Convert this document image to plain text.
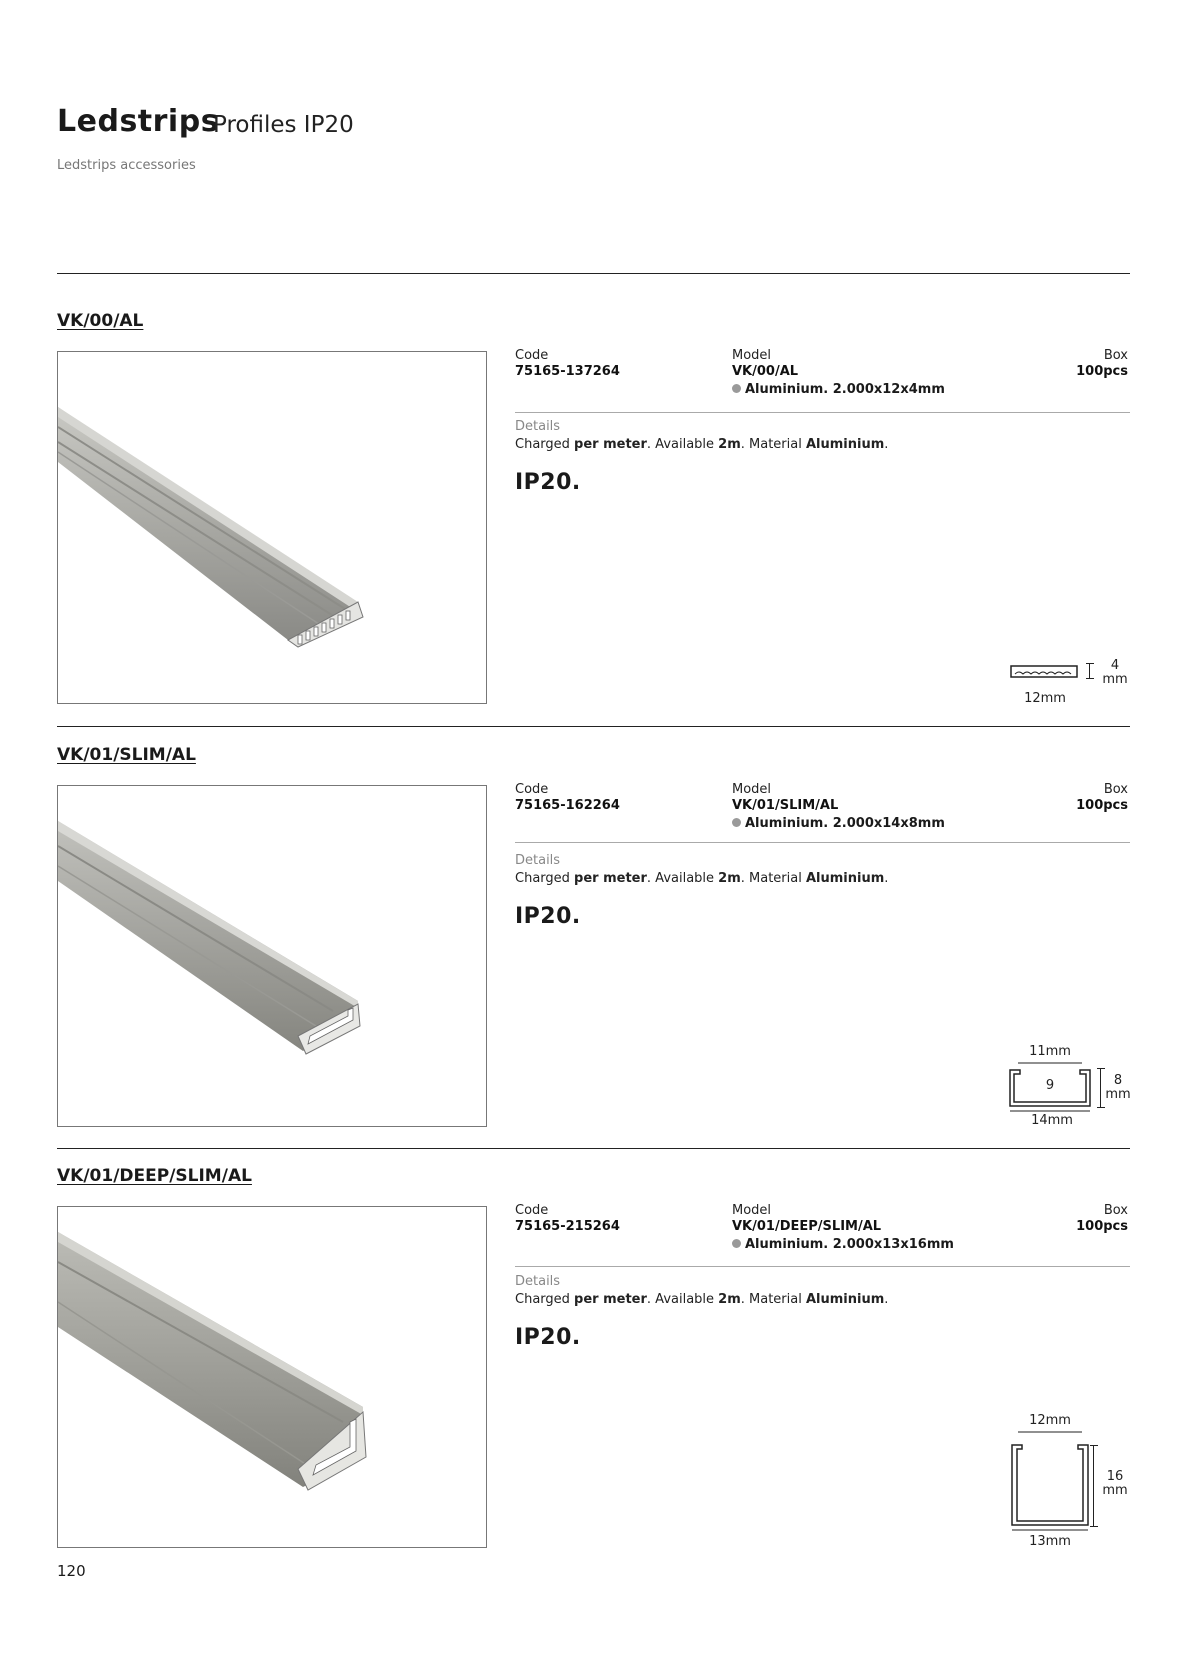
Ledstrips
Profiles IP20
Ledstrips accessories
VK/00/AL
Code
75165-137264
Model
VK/00/AL
Aluminium. 2.000x12x4mm
Box
100pcs
Details
Charged per meter. Available 2m. Material Aluminium.
IP20.
4
mm
12mm
VK/01/SLIM/AL
Code
75165-162264
Model
VK/01/SLIM/AL
Aluminium. 2.000x14x8mm
Box
100pcs
Details
Charged per meter. Available 2m. Material Aluminium.
IP20.
11mm
9	8
mm
14mm
VK/01/DEEP/SLIM/AL
Code
75165-215264
Model
VK/01/DEEP/SLIM/AL
Aluminium. 2.000x13x16mm
Box
100pcs
Details
Charged per meter. Available 2m. Material Aluminium.
IP20.
12mm
16
mm
13mm
120
